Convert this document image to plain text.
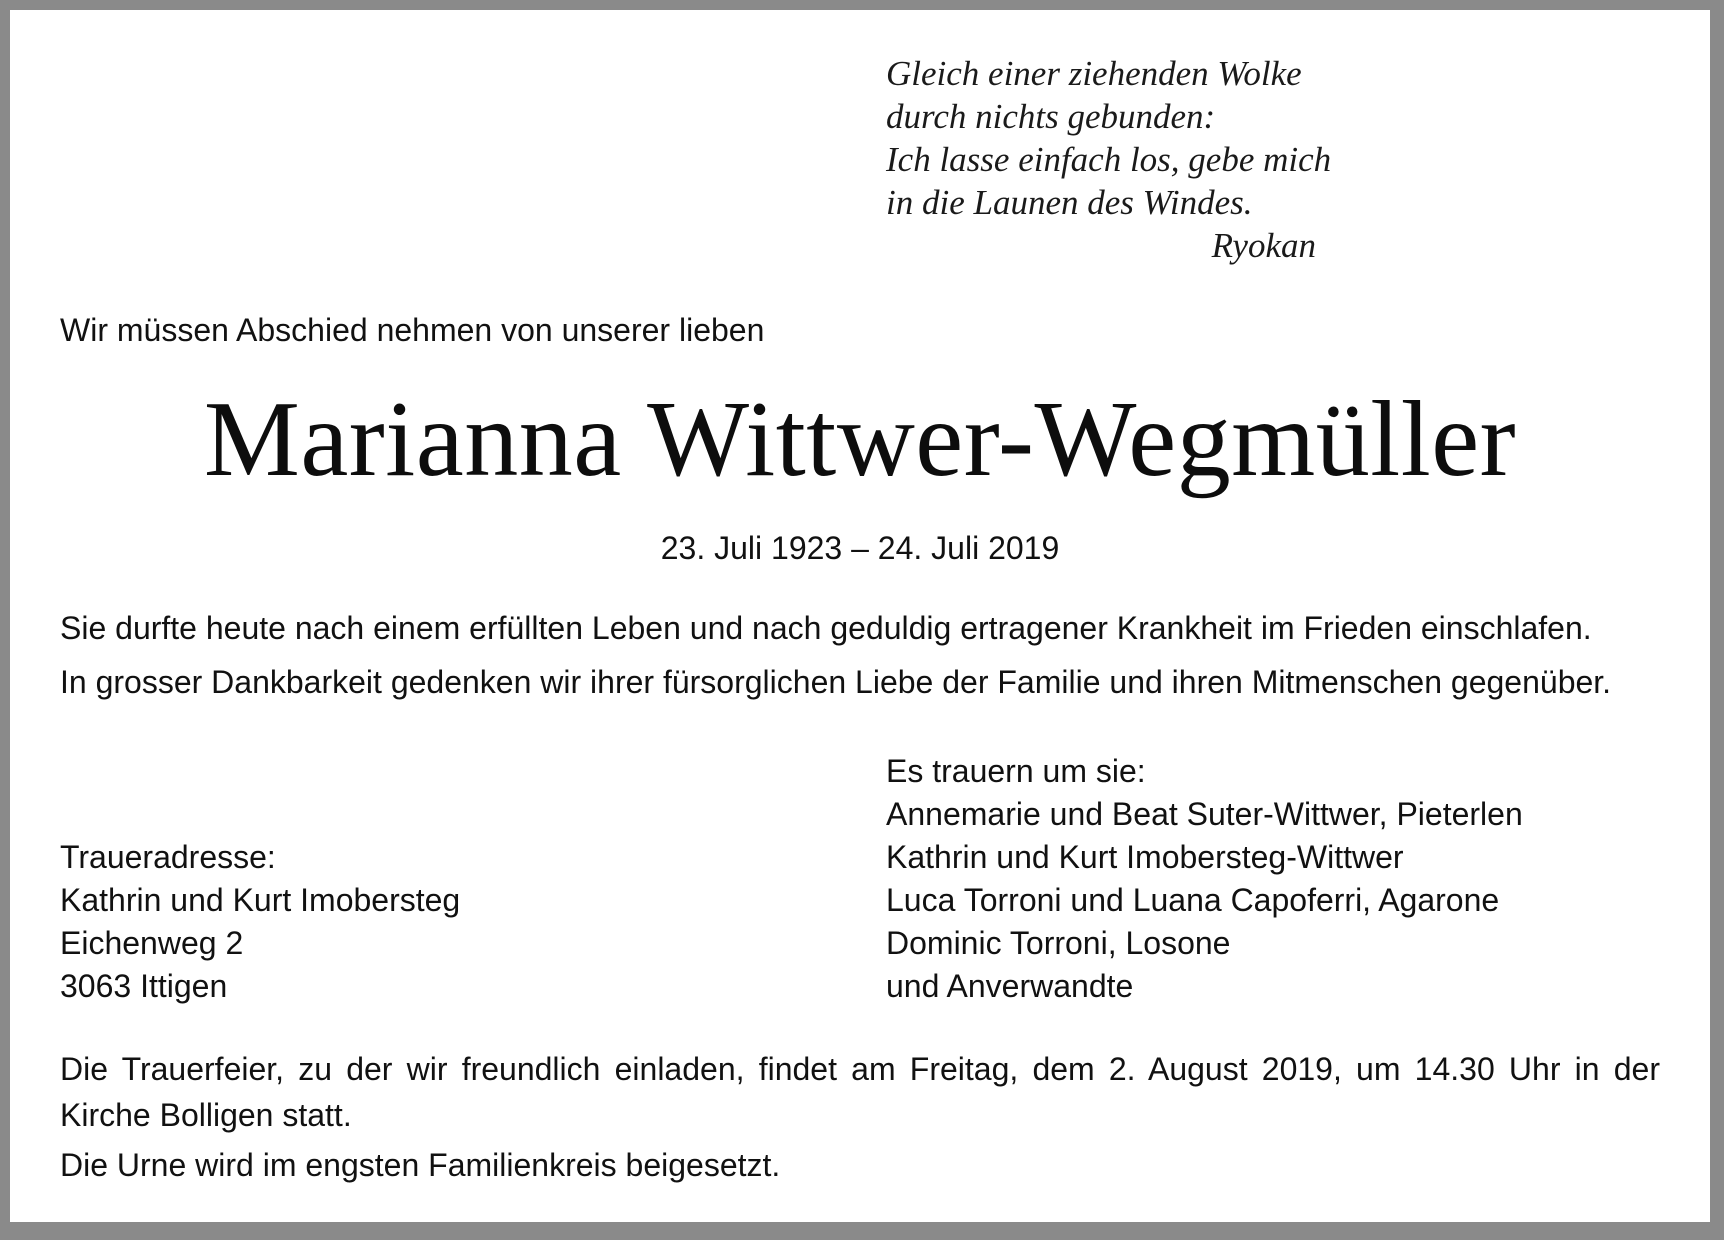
Gleich einer ziehenden Wolke
durch nichts gebunden:
Ich lasse einfach los, gebe mich
in die Launen des Windes.
Ryokan
Wir müssen Abschied nehmen von unserer lieben
Marianna Wittwer-Wegmüller
23. Juli 1923 – 24. Juli 2019

Sie durfte heute nach einem erfüllten Leben und nach geduldig ertragener Krankheit im Frieden einschlafen.

In grosser Dankbarkeit gedenken wir ihrer fürsorglichen Liebe der Familie und ihren Mitmenschen gegenüber.

Traueradresse:
Kathrin und Kurt Imobersteg
Eichenweg 2
3063 Ittigen
Es trauern um sie:
Annemarie und Beat Suter-Wittwer, Pieterlen
Kathrin und Kurt Imobersteg-Wittwer
Luca Torroni und Luana Capoferri, Agarone
Dominic Torroni, Losone
und Anverwandte

Die Trauerfeier, zu der wir freundlich einladen, findet am Freitag, dem 2. August 2019, um 14.30 Uhr in der Kirche Bolligen statt.

Die Urne wird im engsten Familienkreis beigesetzt.
